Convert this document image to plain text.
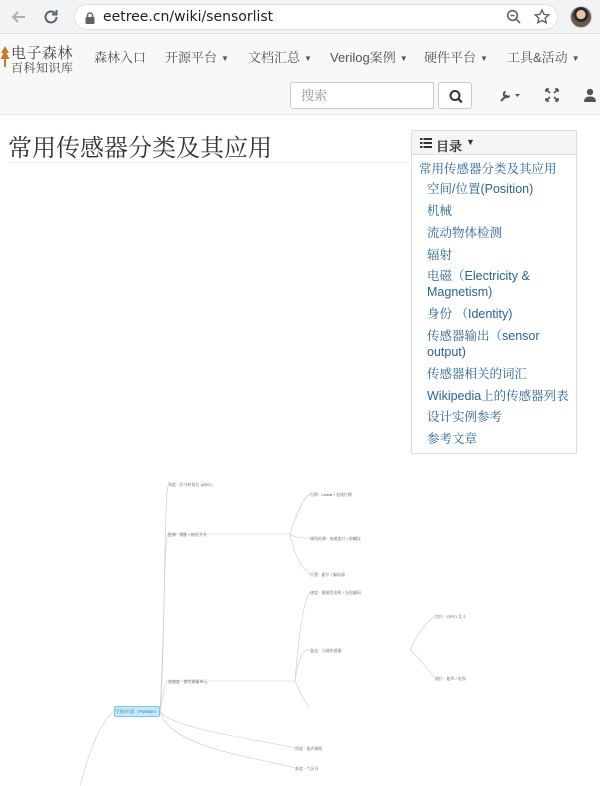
eetree.cn/wiki/sensorlist
电子森林
百科知识库
森林入口 开源平台 ▼ 文档汇总 ▼ Verilog案例 ▼ 硬件平台 ▼ 工具&活动 ▼
搜索
常用传感器分类及其应用	目录 ▼
常用传感器分类及其应用
空间/位置(Position)
机械
流动物体检测
辐射
电磁（Electricity & Magnetism)
身份 （Identity)
传感器输出（sensor output)
传感器相关的词汇
Wikipedia上的传感器列表
设计实例参考
参考文章
空间/位置（Position）
角度 · 区分转角位 (ADC)
位移 · Linear / 直线位移
距离 · 测距 / 接近开关
倾角检测 · 加速度计 / 陀螺仪
位置 · 霍尔 / 编码器
速度 · 测速发电机 / 光电编码
加速度 · 惯性测量单元
姿态 · 九轴传感器
定位 · GPS / 北斗
液位 · 超声 / 电容
厚度 · 超声测厚
高度 · 气压计
